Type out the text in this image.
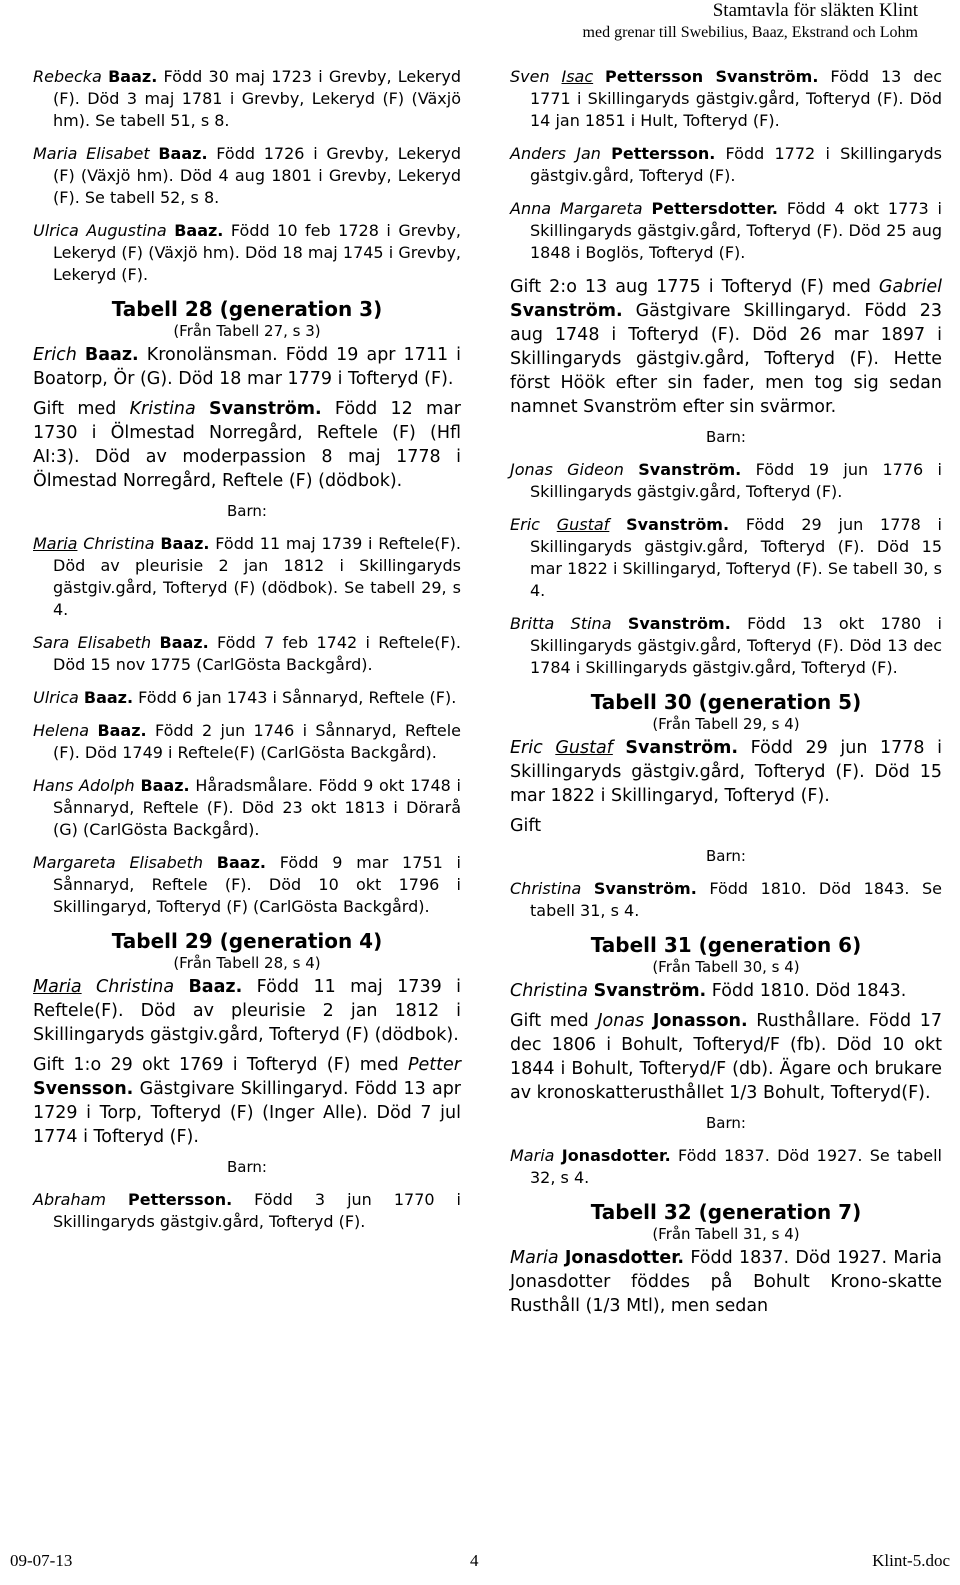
Stamtavla för släkten Klint
med grenar till Swebilius, Baaz, Ekstrand och Lohm

Rebecka Baaz. Född 30 maj 1723 i Grevby, Lekeryd (F). Död 3 maj 1781 i Grevby, Lekeryd (F) (Växjö hm). Se tabell 51, s 8.

Maria Elisabet Baaz. Född 1726 i Grevby, Lekeryd (F) (Växjö hm). Död 4 aug 1801 i Grevby, Lekeryd (F). Se tabell 52, s 8.

Ulrica Augustina Baaz. Född 10 feb 1728 i Grevby, Lekeryd (F) (Växjö hm). Död 18 maj 1745 i Grevby, Lekeryd (F).

Tabell 28 (generation 3)

(Från Tabell 27, s 3)

Erich Baaz. Kronolänsman. Född 19 apr 1711 i Boatorp, Ör (G). Död 18 mar 1779 i Tofteryd (F).

Gift med Kristina Svanström. Född 12 mar 1730 i Ölmestad Norregård, Reftele (F) (Hfl AI:3). Död av moderpassion 8 maj 1778 i Ölmestad Norregård, Reftele (F) (dödbok).

Barn:

Maria Christina Baaz. Född 11 maj 1739 i Reftele(F). Död av pleurisie 2 jan 1812 i Skillingaryds gästgiv.gård, Tofteryd (F) (dödbok). Se tabell 29, s 4.

Sara Elisabeth Baaz. Född 7 feb 1742 i Reftele(F). Död 15 nov 1775 (CarlGösta Backgård).

Ulrica Baaz. Född 6 jan 1743 i Sånnaryd, Reftele (F).

Helena Baaz. Född 2 jun 1746 i Sånnaryd, Reftele (F). Död 1749 i Reftele(F) (CarlGösta Backgård).

Hans Adolph Baaz. Håradsmålare. Född 9 okt 1748 i Sånnaryd, Reftele (F). Död 23 okt 1813 i Dörarå (G) (CarlGösta Backgård).

Margareta Elisabeth Baaz. Född 9 mar 1751 i Sånnaryd, Reftele (F). Död 10 okt 1796 i Skillingaryd, Tofteryd (F) (CarlGösta Backgård).

Tabell 29 (generation 4)

(Från Tabell 28, s 4)

Maria Christina Baaz. Född 11 maj 1739 i Reftele(F). Död av pleurisie 2 jan 1812 i Skillingaryds gästgiv.gård, Tofteryd (F) (dödbok).

Gift 1:o 29 okt 1769 i Tofteryd (F) med Petter Svensson. Gästgivare Skillingaryd. Född 13 apr 1729 i Torp, Tofteryd (F) (Inger Alle). Död 7 jul 1774 i Tofteryd (F).

Barn:

Abraham Pettersson. Född 3 jun 1770 i Skillingaryds gästgiv.gård, Tofteryd (F).

Sven Isac Pettersson Svanström. Född 13 dec 1771 i Skillingaryds gästgiv.gård, Tofteryd (F). Död 14 jan 1851 i Hult, Tofteryd (F).

Anders Jan Pettersson. Född 1772 i Skillingaryds gästgiv.gård, Tofteryd (F).

Anna Margareta Pettersdotter. Född 4 okt 1773 i Skillingaryds gästgiv.gård, Tofteryd (F). Död 25 aug 1848 i Boglös, Tofteryd (F).

Gift 2:o 13 aug 1775 i Tofteryd (F) med Gabriel Svanström. Gästgivare Skillingaryd. Född 23 aug 1748 i Tofteryd (F). Död 26 mar 1897 i Skillingaryds gästgiv.gård, Tofteryd (F). Hette först Höök efter sin fader, men tog sig sedan namnet Svanström efter sin svärmor.

Barn:

Jonas Gideon Svanström. Född 19 jun 1776 i Skillingaryds gästgiv.gård, Tofteryd (F).

Eric Gustaf Svanström. Född 29 jun 1778 i Skillingaryds gästgiv.gård, Tofteryd (F). Död 15 mar 1822 i Skillingaryd, Tofteryd (F). Se tabell 30, s 4.

Britta Stina Svanström. Född 13 okt 1780 i Skillingaryds gästgiv.gård, Tofteryd (F). Död 13 dec 1784 i Skillingaryds gästgiv.gård, Tofteryd (F).

Tabell 30 (generation 5)

(Från Tabell 29, s 4)

Eric Gustaf Svanström. Född 29 jun 1778 i Skillingaryds gästgiv.gård, Tofteryd (F). Död 15 mar 1822 i Skillingaryd, Tofteryd (F).

Gift

Barn:

Christina Svanström. Född 1810. Död 1843. Se tabell 31, s 4.

Tabell 31 (generation 6)

(Från Tabell 30, s 4)

Christina Svanström. Född 1810. Död 1843.

Gift med Jonas Jonasson. Rusthållare. Född 17 dec 1806 i Bohult, Tofteryd/F (fb). Död 10 okt 1844 i Bohult, Tofteryd/F (db). Ägare och brukare av kronoskatterusthållet 1/3 Bohult, Tofteryd(F).

Barn:

Maria Jonasdotter. Född 1837. Död 1927. Se tabell 32, s 4.

Tabell 32 (generation 7)

(Från Tabell 31, s 4)

Maria Jonasdotter. Född 1837. Död 1927. Maria Jonasdotter föddes på Bohult Krono-skatte Rusthåll (1/3 Mtl), men sedan

09-07-13	4	Klint-5.doc
